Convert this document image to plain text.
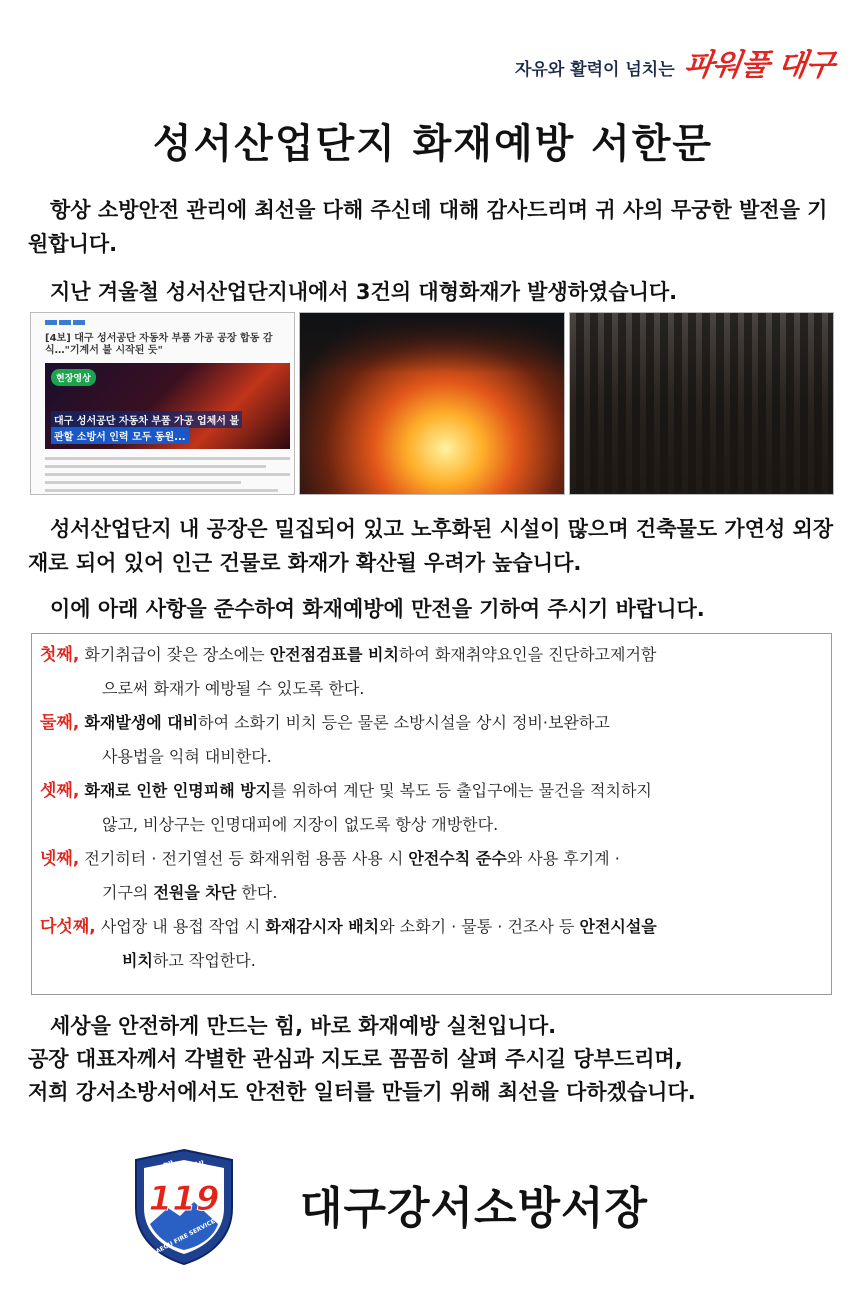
자유와 활력이 넘치는 파워풀 대구
성서산업단지 화재예방 서한문
항상 소방안전 관리에 최선을 다해 주신데 대해 감사드리며 귀 사의 무궁한 발전을 기원합니다.
지난 겨울철 성서산업단지내에서 3건의 대형화재가 발생하였습니다.
[4보] 대구 성서공단 자동차 부품 가공 공장 합동 감식…"기계서 불 시작된 듯"
현장영상
대구 성서공단 자동차 부품 가공 업체서 불
관할 소방서 인력 모두 동원...
성서산업단지 내 공장은 밀집되어 있고 노후화된 시설이 많으며 건축물도 가연성 외장재로 되어 있어 인근 건물로 화재가 확산될 우려가 높습니다.
이에 아래 사항을 준수하여 화재예방에 만전을 기하여 주시기 바랍니다.
첫째, 화기취급이 잦은 장소에는 안전점검표를 비치하여 화재취약요인을 진단하고제거함
으로써 화재가 예방될 수 있도록 한다.
둘째, 화재발생에 대비하여 소화기 비치 등은 물론 소방시설을 상시 정비·보완하고
사용법을 익혀 대비한다.
셋째, 화재로 인한 인명피해 방지를 위하여 계단 및 복도 등 출입구에는 물건을 적치하지
않고, 비상구는 인명대피에 지장이 없도록 항상 개방한다.
넷째, 전기히터 · 전기열선 등 화재위험 용품 사용 시 안전수칙 준수와 사용 후기계 ·
기구의 전원을 차단 한다.
다섯째, 사업장 내 용접 작업 시 화재감시자 배치와 소화기 · 물통 · 건조사 등 안전시설을
비치하고 작업한다.
세상을 안전하게 만드는 힘, 바로 화재예방 실천입니다.
공장 대표자께서 각별한 관심과 지도로 꼼꼼히 살펴 주시길 당부드리며,
저희 강서소방서에서도 안전한 일터를 만들기 위해 최선을 다하겠습니다.
대구소방
119
DAEGU FIRE SERVICES
대구강서소방서장
